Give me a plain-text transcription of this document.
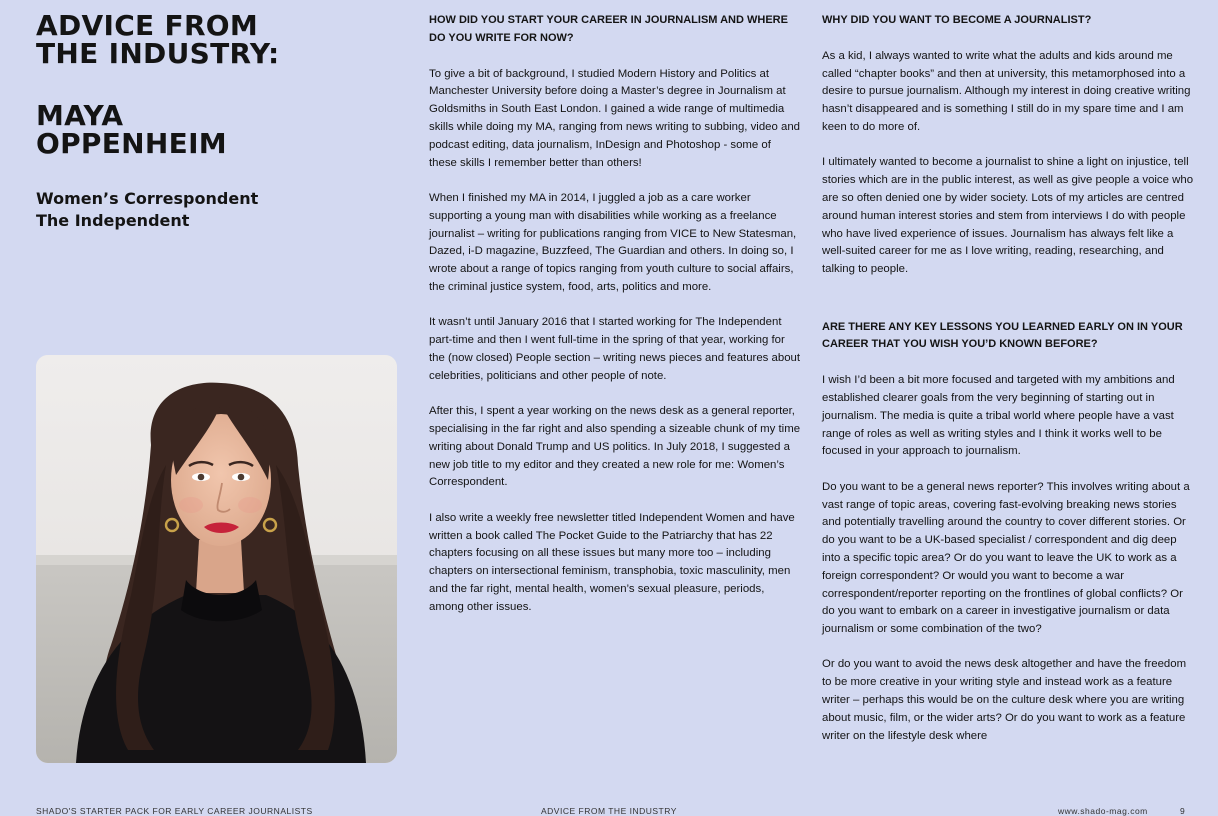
ADVICE FROM
THE INDUSTRY:
MAYA
OPPENHEIM
Women’s Correspondent
The Independent

HOW DID YOU START YOUR CAREER IN JOURNALISM AND WHERE DO YOU WRITE FOR NOW?

To give a bit of background, I studied Modern History and Politics at Manchester University before doing a Master’s degree in Journalism at Goldsmiths in South East London. I gained a wide range of multimedia skills while doing my MA, ranging from news writing to subbing, video and podcast editing, data journalism, InDesign and Photoshop - some of these skills I remember better than others!

When I finished my MA in 2014, I juggled a job as a care worker supporting a young man with disabilities while working as a freelance journalist – writing for publications ranging from VICE to New Statesman, Dazed, i-D magazine, Buzzfeed, The Guardian and others. In doing so, I wrote about a range of topics ranging from youth culture to social affairs, the criminal justice system, food, arts, politics and more.

It wasn’t until January 2016 that I started working for The Independent part-time and then I went full-time in the spring of that year, working for the (now closed) People section – writing news pieces and features about celebrities, politicians and other people of note.

After this, I spent a year working on the news desk as a general reporter, specialising in the far right and also spending a sizeable chunk of my time writing about Donald Trump and US politics. In July 2018, I suggested a new job title to my editor and they created a new role for me: Women’s Correspondent.

I also write a weekly free newsletter titled Independent Women and have written a book called The Pocket Guide to the Patriarchy that has 22 chapters focusing on all these issues but many more too – including chapters on intersectional feminism, transphobia, toxic masculinity, men and the far right, mental health, women’s sexual pleasure, periods, among other issues.

WHY DID YOU WANT TO BECOME A JOURNALIST?

As a kid, I always wanted to write what the adults and kids around me called “chapter books” and then at university, this metamorphosed into a desire to pursue journalism. Although my interest in doing creative writing hasn’t disappeared and is something I still do in my spare time and I am keen to do more of.

I ultimately wanted to become a journalist to shine a light on injustice, tell stories which are in the public interest, as well as give people a voice who are so often denied one by wider society. Lots of my articles are centred around human interest stories and stem from interviews I do with people who have lived experience of issues. Journalism has always felt like a well-suited career for me as I love writing, reading, researching, and talking to people.

ARE THERE ANY KEY LESSONS YOU LEARNED EARLY ON IN YOUR CAREER THAT YOU WISH YOU’D KNOWN BEFORE?

I wish I’d been a bit more focused and targeted with my ambitions and established clearer goals from the very beginning of starting out in journalism. The media is quite a tribal world where people have a vast range of roles as well as writing styles and I think it works well to be focused in your approach to journalism.

Do you want to be a general news reporter? This involves writing about a vast range of topic areas, covering fast-evolving breaking news stories and potentially travelling around the country to cover different stories. Or do you want to be a UK-based specialist / correspondent and dig deep into a specific topic area? Or do you want to leave the UK to work as a foreign correspondent? Or would you want to become a war correspondent/reporter reporting on the frontlines of global conflicts? Or do you want to embark on a career in investigative journalism or data journalism or some combination of the two?

Or do you want to avoid the news desk altogether and have the freedom to be more creative in your writing style and instead work as a feature writer – perhaps this would be on the culture desk where you are writing about music, film, or the wider arts? Or do you want to work as a feature writer on the lifestyle desk where

SHADO'S STARTER PACK FOR EARLY CAREER JOURNALISTS	ADVICE FROM THE INDUSTRY	www.shado-mag.com	9
